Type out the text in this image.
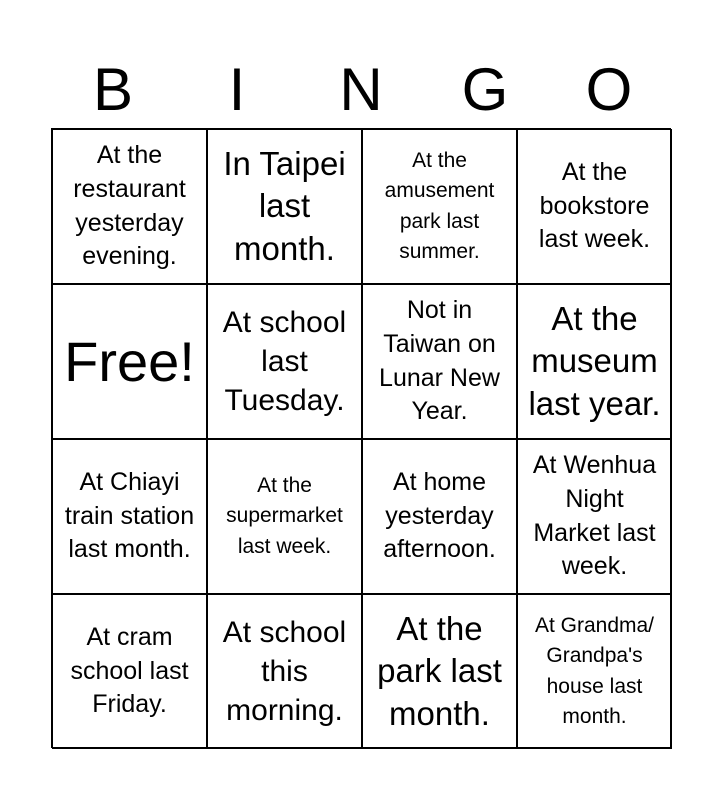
B	I	N	G	O
At the restaurant yesterday evening.
In Taipei last month.
At the amusement park last summer.
At the bookstore last week.
Free!
At school last Tuesday.
Not in Taiwan on Lunar New Year.
At the museum last year.
At Chiayi train station last month.
At the supermarket last week.
At home yesterday afternoon.
At Wenhua Night Market last week.
At cram school last Friday.
At school this morning.
At the park last month.
At Grandma/ Grandpa's house last month.
